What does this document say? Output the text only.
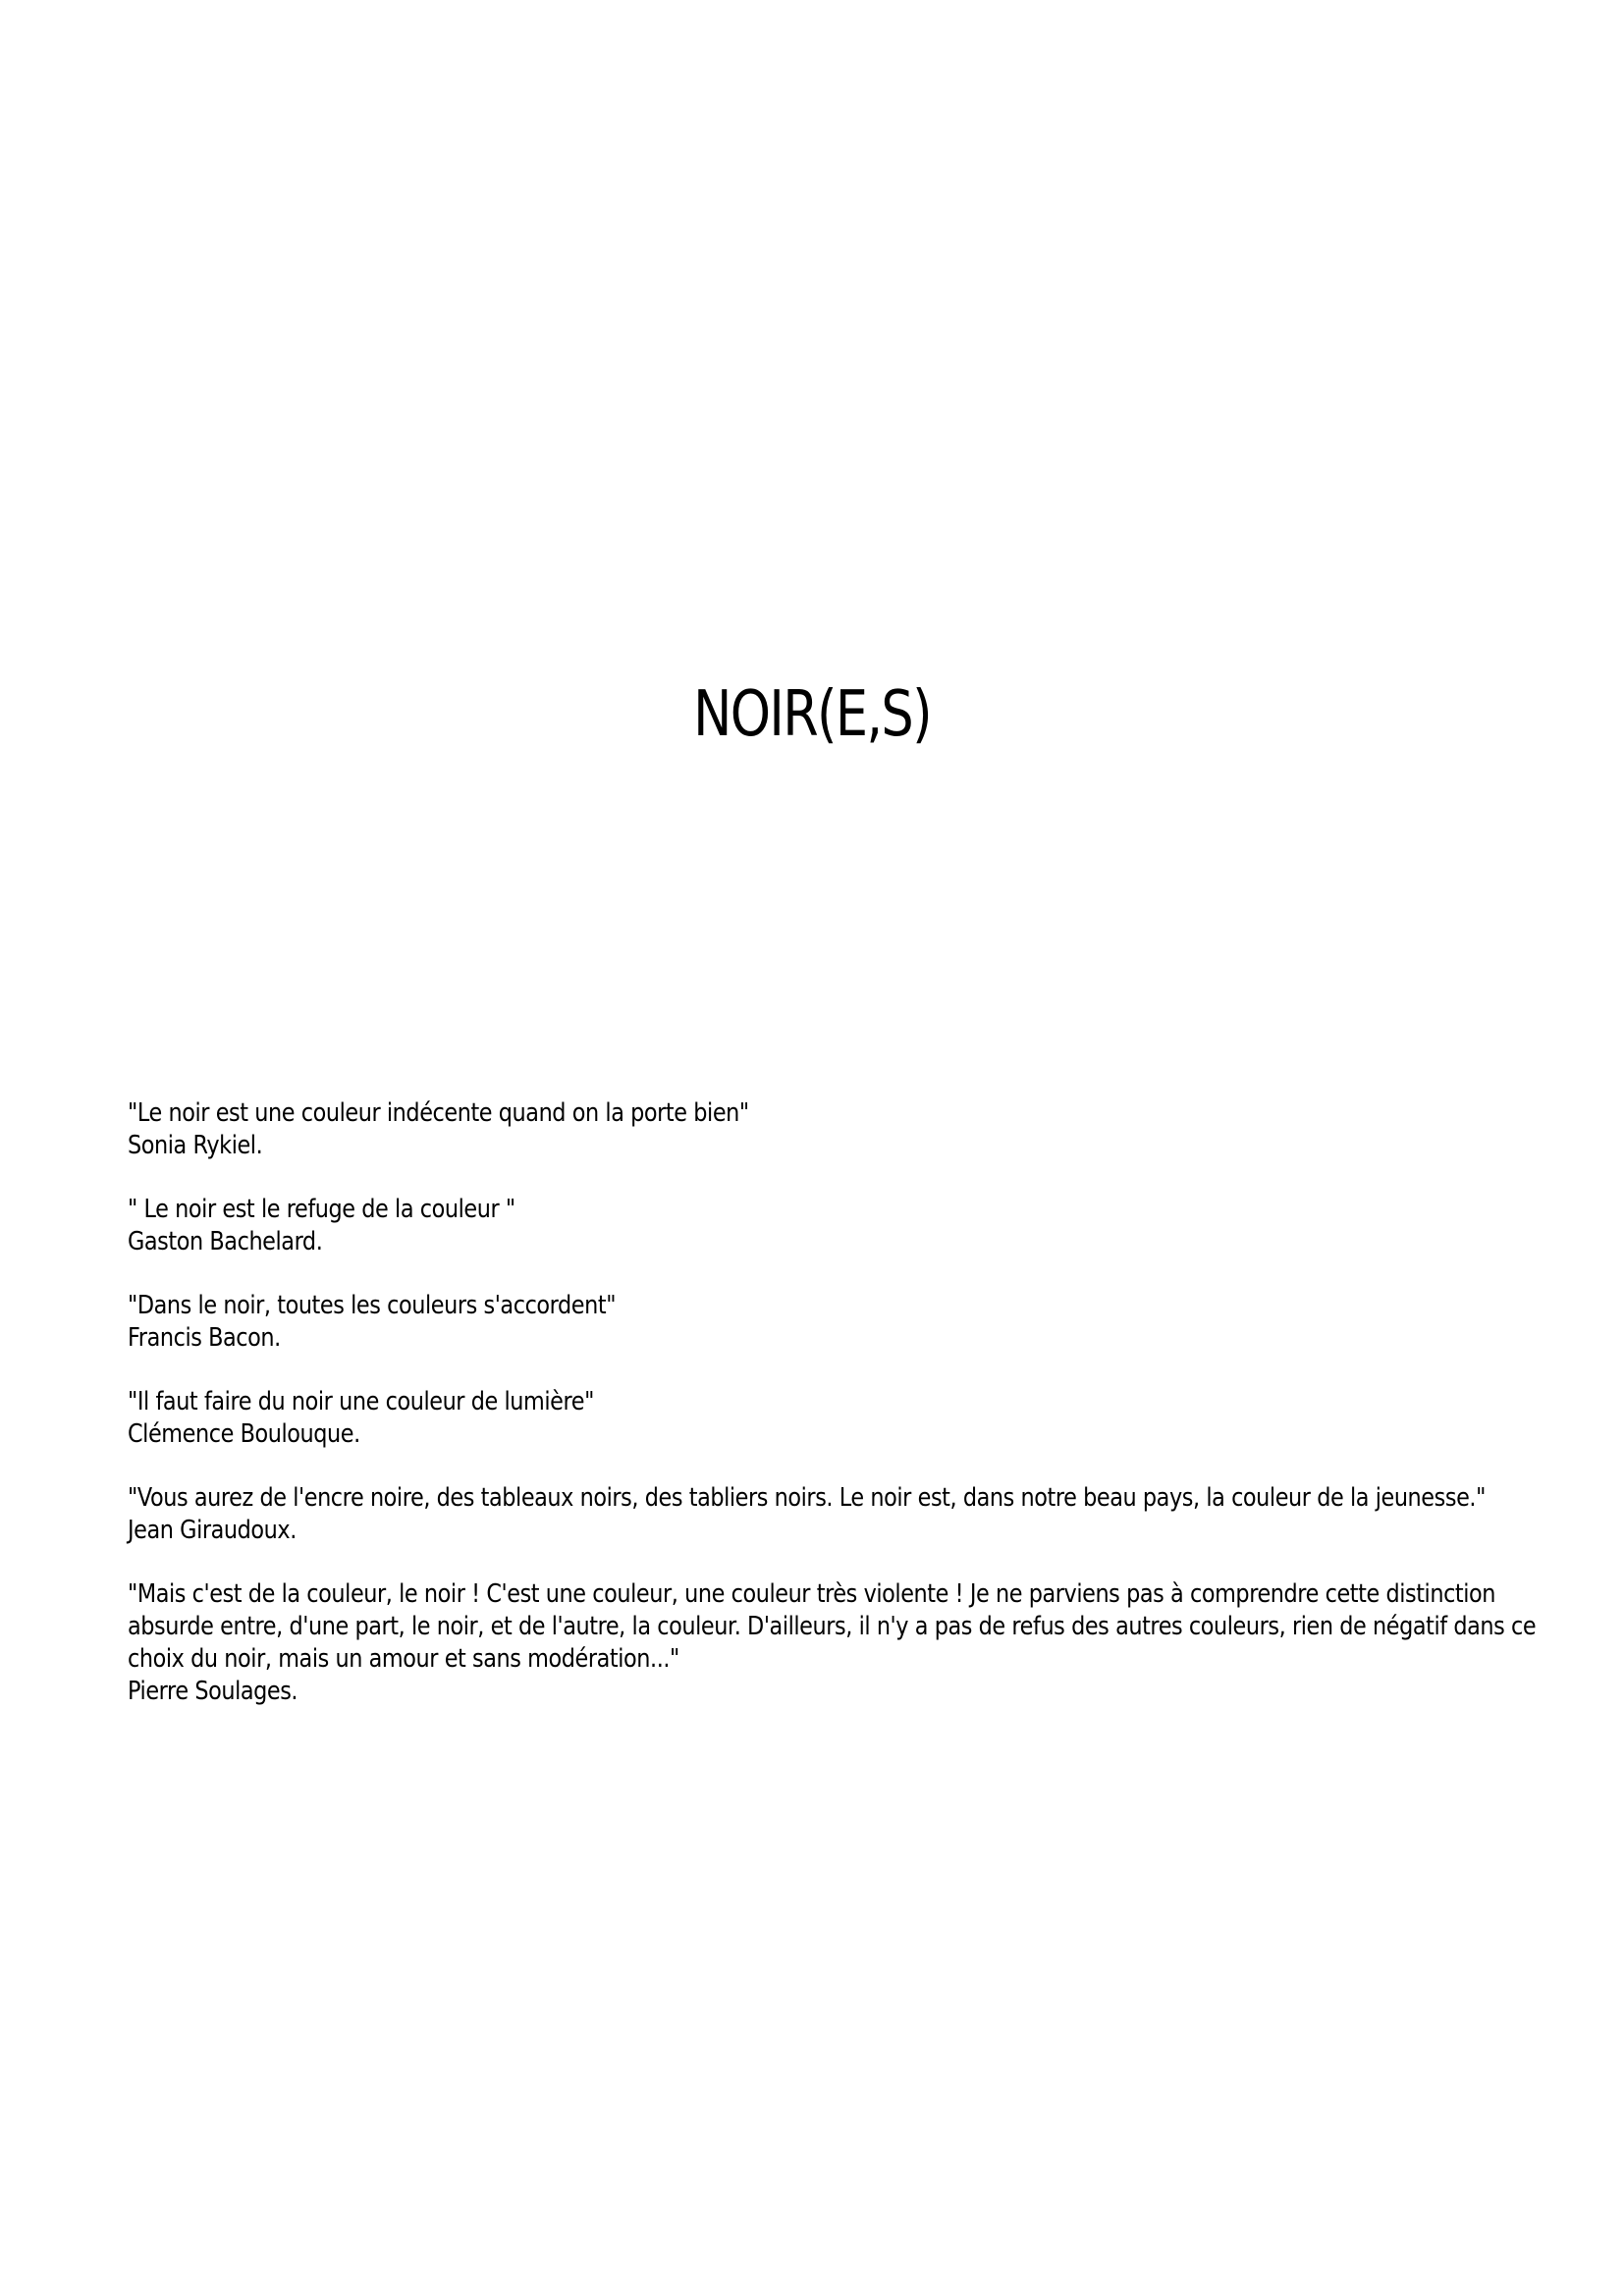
NOIR(E,S)
"Le noir est une couleur indécente quand on la porte bien"
Sonia Rykiel.
" Le noir est le refuge de la couleur "
Gaston Bachelard.
"Dans le noir, toutes les couleurs s'accordent"
Francis Bacon.
"Il faut faire du noir une couleur de lumière"
Clémence Boulouque.
"Vous aurez de l'encre noire, des tableaux noirs, des tabliers noirs. Le noir est, dans notre beau pays, la couleur de la jeunesse."
Jean Giraudoux.
"Mais c'est de la couleur, le noir ! C'est une couleur, une couleur très violente ! Je ne parviens pas à comprendre cette distinction absurde entre, d'une part, le noir, et de l'autre, la couleur. D'ailleurs, il n'y a pas de refus des autres couleurs, rien de négatif dans ce choix du noir, mais un amour et sans modération..."
Pierre Soulages.
